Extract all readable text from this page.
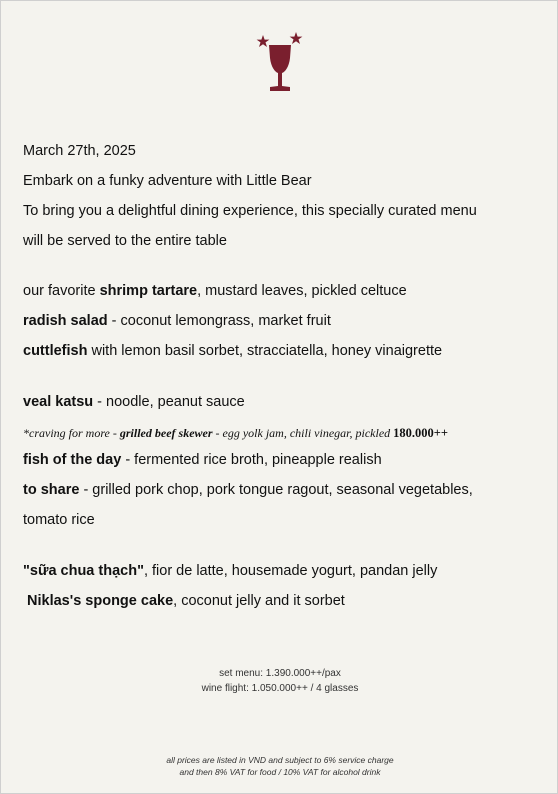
March 27th, 2025
Embark on a funky adventure with Little Bear
To bring you a delightful dining experience, this specially curated menu
will be served to the entire table
our favorite shrimp tartare, mustard leaves, pickled celtuce
radish salad - coconut lemongrass, market fruit
cuttlefish with lemon basil sorbet, stracciatella, honey vinaigrette
veal katsu - noodle, peanut sauce
*craving for more - grilled beef skewer - egg yolk jam, chili vinegar, pickled 180.000++
fish of the day - fermented rice broth, pineapple realish
to share - grilled pork chop, pork tongue ragout, seasonal vegetables,
tomato rice
"sữa chua thạch", fior de latte, housemade yogurt, pandan jelly
Niklas's sponge cake, coconut jelly and it sorbet
set menu: 1.390.000++/pax
wine flight: 1.050.000++ / 4 glasses
all prices are listed in VND and subject to 6% service charge
and then 8% VAT for food / 10% VAT for alcohol drink
